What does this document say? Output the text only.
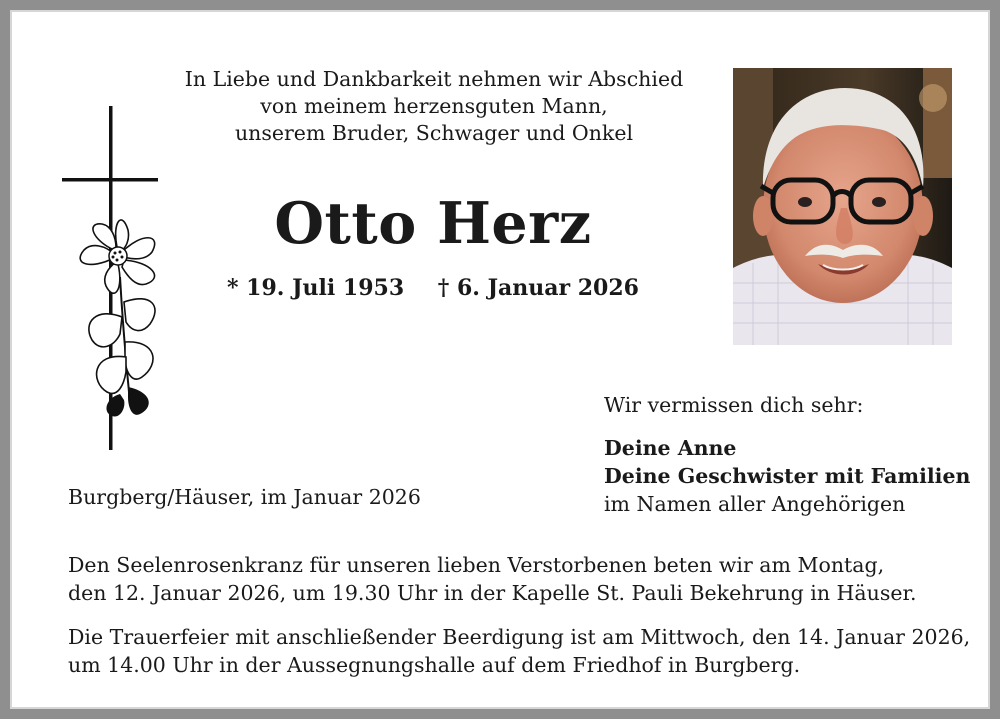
In Liebe und Dankbarkeit nehmen wir Abschied
von meinem herzensguten Mann,
unserem Bruder, Schwager und Onkel
Otto Herz
* 19. Juli 1953 † 6. Januar 2026
Burgberg/Häuser, im Januar 2026
Wir vermissen dich sehr:
Deine Anne
Deine Geschwister mit Familien
im Namen aller Angehörigen
Den Seelenrosenkranz für unseren lieben Verstorbenen beten wir am Montag,
den 12. Januar 2026, um 19.30 Uhr in der Kapelle St. Pauli Bekehrung in Häuser.
Die Trauerfeier mit anschließender Beerdigung ist am Mittwoch, den 14. Januar 2026,
um 14.00 Uhr in der Aussegnungshalle auf dem Friedhof in Burgberg.
